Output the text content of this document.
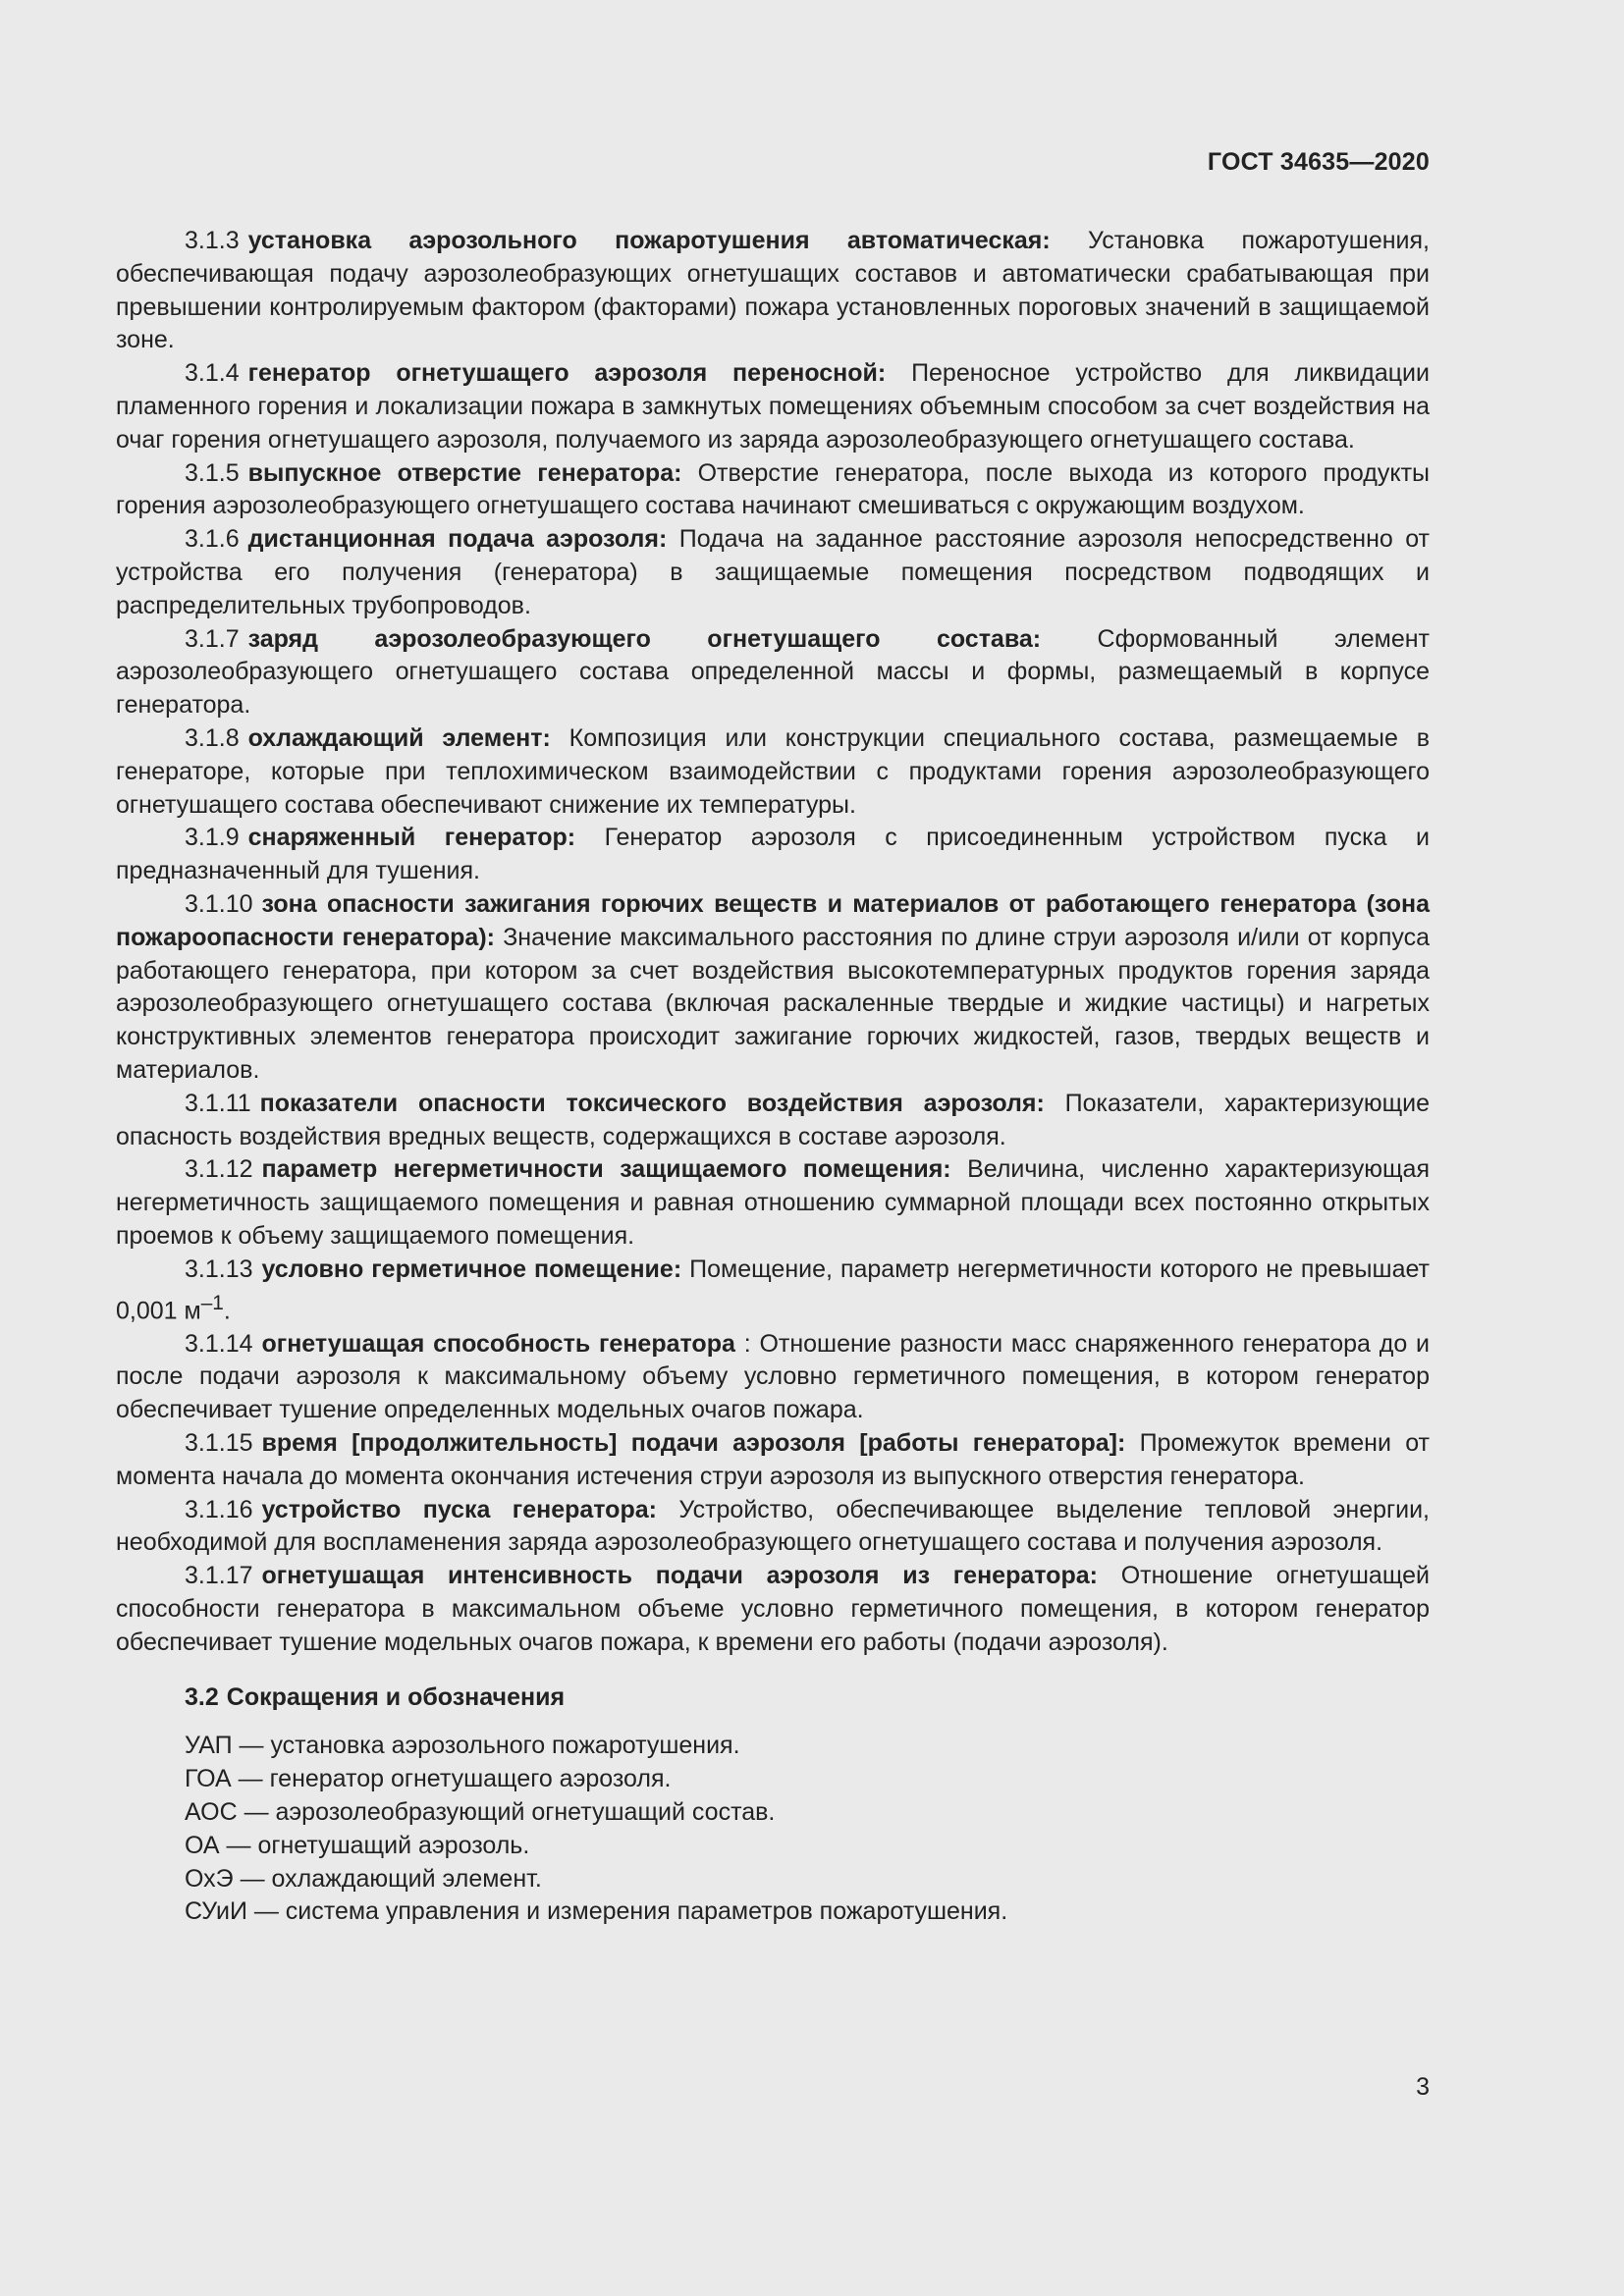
ГОСТ 34635—2020

3.1.3 установка аэрозольного пожаротушения автоматическая: Установка пожаротушения, обеспечивающая подачу аэрозолеобразующих огнетушащих составов и автоматически срабатывающая при превышении контролируемым фактором (факторами) пожара установленных пороговых значений в защищаемой зоне.

3.1.4 генератор огнетушащего аэрозоля переносной: Переносное устройство для ликвидации пламенного горения и локализации пожара в замкнутых помещениях объемным способом за счет воздействия на очаг горения огнетушащего аэрозоля, получаемого из заряда аэрозолеобразующего огнетушащего состава.

3.1.5 выпускное отверстие генератора: Отверстие генератора, после выхода из которого продукты горения аэрозолеобразующего огнетушащего состава начинают смешиваться с окружающим воздухом.

3.1.6 дистанционная подача аэрозоля: Подача на заданное расстояние аэрозоля непосредственно от устройства его получения (генератора) в защищаемые помещения посредством подводящих и распределительных трубопроводов.

3.1.7 заряд аэрозолеобразующего огнетушащего состава: Сформованный элемент аэрозолеобразующего огнетушащего состава определенной массы и формы, размещаемый в корпусе генератора.

3.1.8 охлаждающий элемент: Композиция или конструкции специального состава, размещаемые в генераторе, которые при теплохимическом взаимодействии с продуктами горения аэрозолеобразующего огнетушащего состава обеспечивают снижение их температуры.

3.1.9 снаряженный генератор: Генератор аэрозоля с присоединенным устройством пуска и предназначенный для тушения.

3.1.10 зона опасности зажигания горючих веществ и материалов от работающего генератора (зона пожароопасности генератора): Значение максимального расстояния по длине струи аэрозоля и/или от корпуса работающего генератора, при котором за счет воздействия высокотемпературных продуктов горения заряда аэрозолеобразующего огнетушащего состава (включая раскаленные твердые и жидкие частицы) и нагретых конструктивных элементов генератора происходит зажигание горючих жидкостей, газов, твердых веществ и материалов.

3.1.11 показатели опасности токсического воздействия аэрозоля: Показатели, характеризующие опасность воздействия вредных веществ, содержащихся в составе аэрозоля.

3.1.12 параметр негерметичности защищаемого помещения: Величина, численно характеризующая негерметичность защищаемого помещения и равная отношению суммарной площади всех постоянно открытых проемов к объему защищаемого помещения.

3.1.13 условно герметичное помещение: Помещение, параметр негерметичности которого не превышает 0,001 $м^{-1}$.

3.1.14 огнетушащая способность генератора : Отношение разности масс снаряженного генератора до и после подачи аэрозоля к максимальному объему условно герметичного помещения, в котором генератор обеспечивает тушение определенных модельных очагов пожара.

3.1.15 время [продолжительность] подачи аэрозоля [работы генератора]: Промежуток времени от момента начала до момента окончания истечения струи аэрозоля из выпускного отверстия генератора.

3.1.16 устройство пуска генератора: Устройство, обеспечивающее выделение тепловой энергии, необходимой для воспламенения заряда аэрозолеобразующего огнетушащего состава и получения аэрозоля.

3.1.17 огнетушащая интенсивность подачи аэрозоля из генератора: Отношение огнетушащей способности генератора в максимальном объеме условно герметичного помещения, в котором генератор обеспечивает тушение модельных очагов пожара, к времени его работы (подачи аэрозоля).

3.2 Сокращения и обозначения

УАП — установка аэрозольного пожаротушения.

ГОА — генератор огнетушащего аэрозоля.

АОС — аэрозолеобразующий огнетушащий состав.

ОА — огнетушащий аэрозоль.

ОхЭ — охлаждающий элемент.

СУиИ — система управления и измерения параметров пожаротушения.

3
